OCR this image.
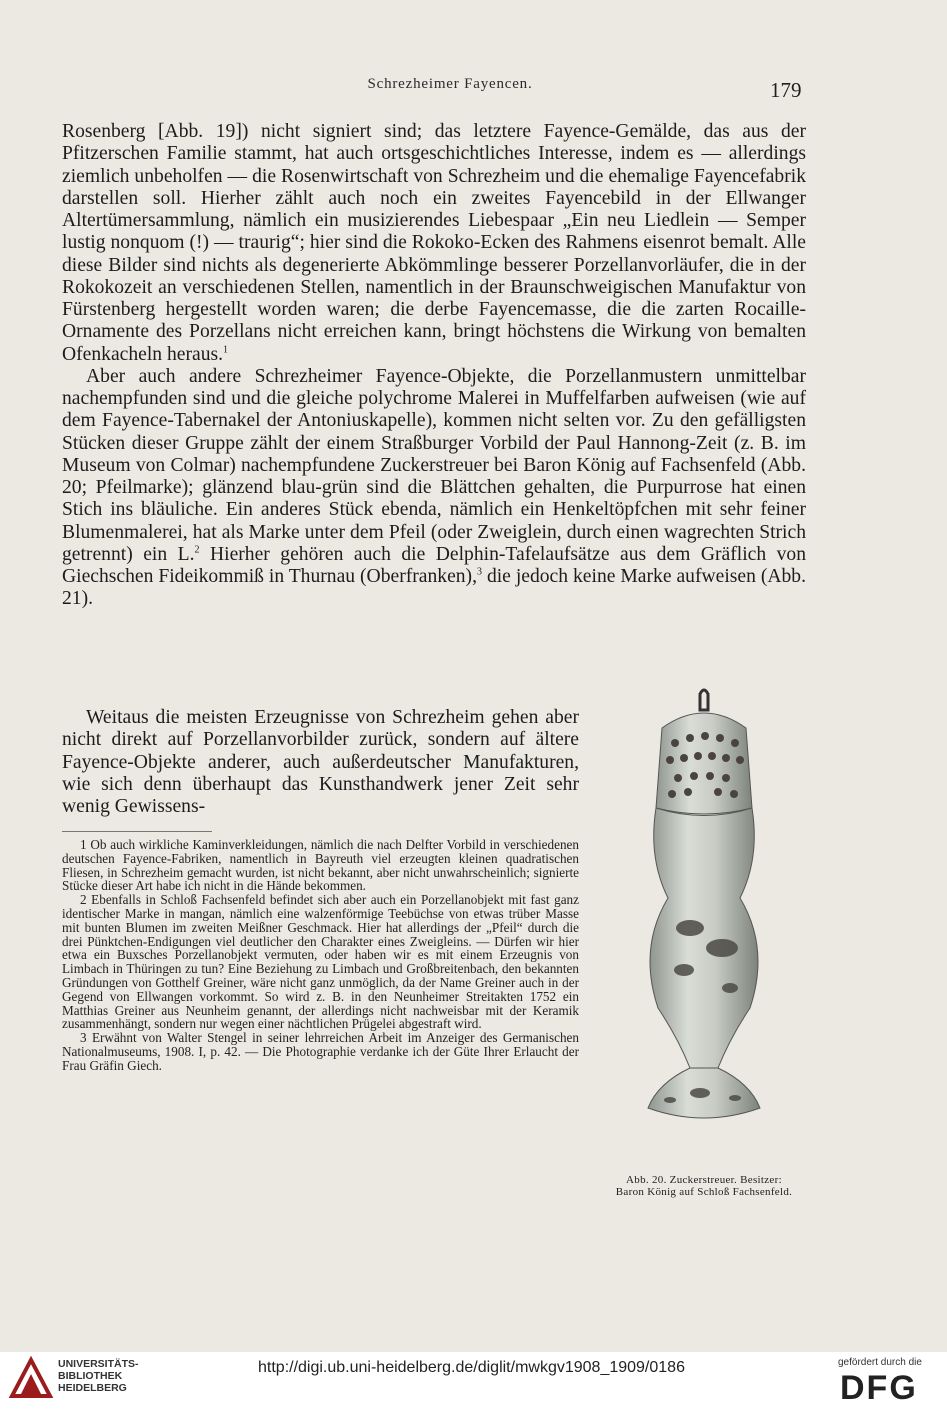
Schrezheimer Fayencen.	179

Rosenberg [Abb. 19]) nicht signiert sind; das letztere Fayence-Gemälde, das aus der Pfitzerschen Familie stammt, hat auch ortsgeschichtliches Interesse, indem es — allerdings ziemlich unbeholfen — die Rosenwirtschaft von Schrezheim und die ehemalige Fayencefabrik darstellen soll. Hierher zählt auch noch ein zweites Fayencebild in der Ellwanger Altertümersammlung, nämlich ein musizierendes Liebespaar „Ein neu Liedlein — Semper lustig nonquom (!) — traurig“; hier sind die Rokoko-Ecken des Rahmens eisenrot bemalt. Alle diese Bilder sind nichts als degenerierte Abkömmlinge besserer Porzellanvorläufer, die in der Rokokozeit an verschiedenen Stellen, namentlich in der Braunschweigischen Manufaktur von Fürstenberg hergestellt worden waren; die derbe Fayencemasse, die die zarten Rocaille-Ornamente des Porzellans nicht erreichen kann, bringt höchstens die Wirkung von bemalten Ofenkacheln heraus.$^1$

Aber auch andere Schrezheimer Fayence-Objekte, die Porzellanmustern unmittelbar nachempfunden sind und die gleiche polychrome Malerei in Muffelfarben aufweisen (wie auf dem Fayence-Tabernakel der Antoniuskapelle), kommen nicht selten vor. Zu den gefälligsten Stücken dieser Gruppe zählt der einem Straßburger Vorbild der Paul Hannong-Zeit (z. B. im Museum von Colmar) nachempfundene Zuckerstreuer bei Baron König auf Fachsenfeld (Abb. 20; Pfeilmarke); glänzend blau-grün sind die Blättchen gehalten, die Purpurrose hat einen Stich ins bläuliche. Ein anderes Stück ebenda, nämlich ein Henkeltöpfchen mit sehr feiner Blumenmalerei, hat als Marke unter dem Pfeil (oder Zweiglein, durch einen wagrechten Strich getrennt) ein L.$^2$ Hierher gehören auch die Delphin-Tafelaufsätze aus dem Gräflich von Giechschen Fideikommiß in Thurnau (Oberfranken),$^3$ die jedoch keine Marke aufweisen (Abb. 21).

Weitaus die meisten Erzeugnisse von Schrezheim gehen aber nicht direkt auf Porzellanvorbilder zurück, sondern auf ältere Fayence-Objekte anderer, auch außerdeutscher Manufakturen, wie sich denn überhaupt das Kunsthandwerk jener Zeit sehr wenig Gewissens-

1 Ob auch wirkliche Kaminverkleidungen, nämlich die nach Delfter Vorbild in verschiedenen deutschen Fayence-Fabriken, namentlich in Bayreuth viel erzeugten kleinen quadratischen Fliesen, in Schrezheim gemacht wurden, ist nicht bekannt, aber nicht unwahrscheinlich; signierte Stücke dieser Art habe ich nicht in die Hände bekommen.

2 Ebenfalls in Schloß Fachsenfeld befindet sich aber auch ein Porzellanobjekt mit fast ganz identischer Marke in mangan, nämlich eine walzenförmige Teebüchse von etwas trüber Masse mit bunten Blumen im zweiten Meißner Geschmack. Hier hat allerdings der „Pfeil“ durch die drei Pünktchen-Endigungen viel deutlicher den Charakter eines Zweigleins. — Dürfen wir hier etwa ein Buxsches Porzellanobjekt vermuten, oder haben wir es mit einem Erzeugnis von Limbach in Thüringen zu tun? Eine Beziehung zu Limbach und Großbreitenbach, den bekannten Gründungen von Gotthelf Greiner, wäre nicht ganz unmöglich, da der Name Greiner auch in der Gegend von Ellwangen vorkommt. So wird z. B. in den Neunheimer Streitakten 1752 ein Matthias Greiner aus Neunheim genannt, der allerdings nicht nachweisbar mit der Keramik zusammenhängt, sondern nur wegen einer nächtlichen Prügelei abgestraft wird.

3 Erwähnt von Walter Stengel in seiner lehrreichen Arbeit im Anzeiger des Germanischen Nationalmuseums, 1908. I, p. 42. — Die Photographie verdanke ich der Güte Ihrer Erlaucht der Frau Gräfin Giech.

Abb. 20. Zuckerstreuer. Besitzer:
Baron König auf Schloß Fachsenfeld.
UNIVERSITÄTS-
BIBLIOTHEK
HEIDELBERG
http://digi.ub.uni-heidelberg.de/diglit/mwkgv1908_1909/0186	gefördert durch die
DFG
